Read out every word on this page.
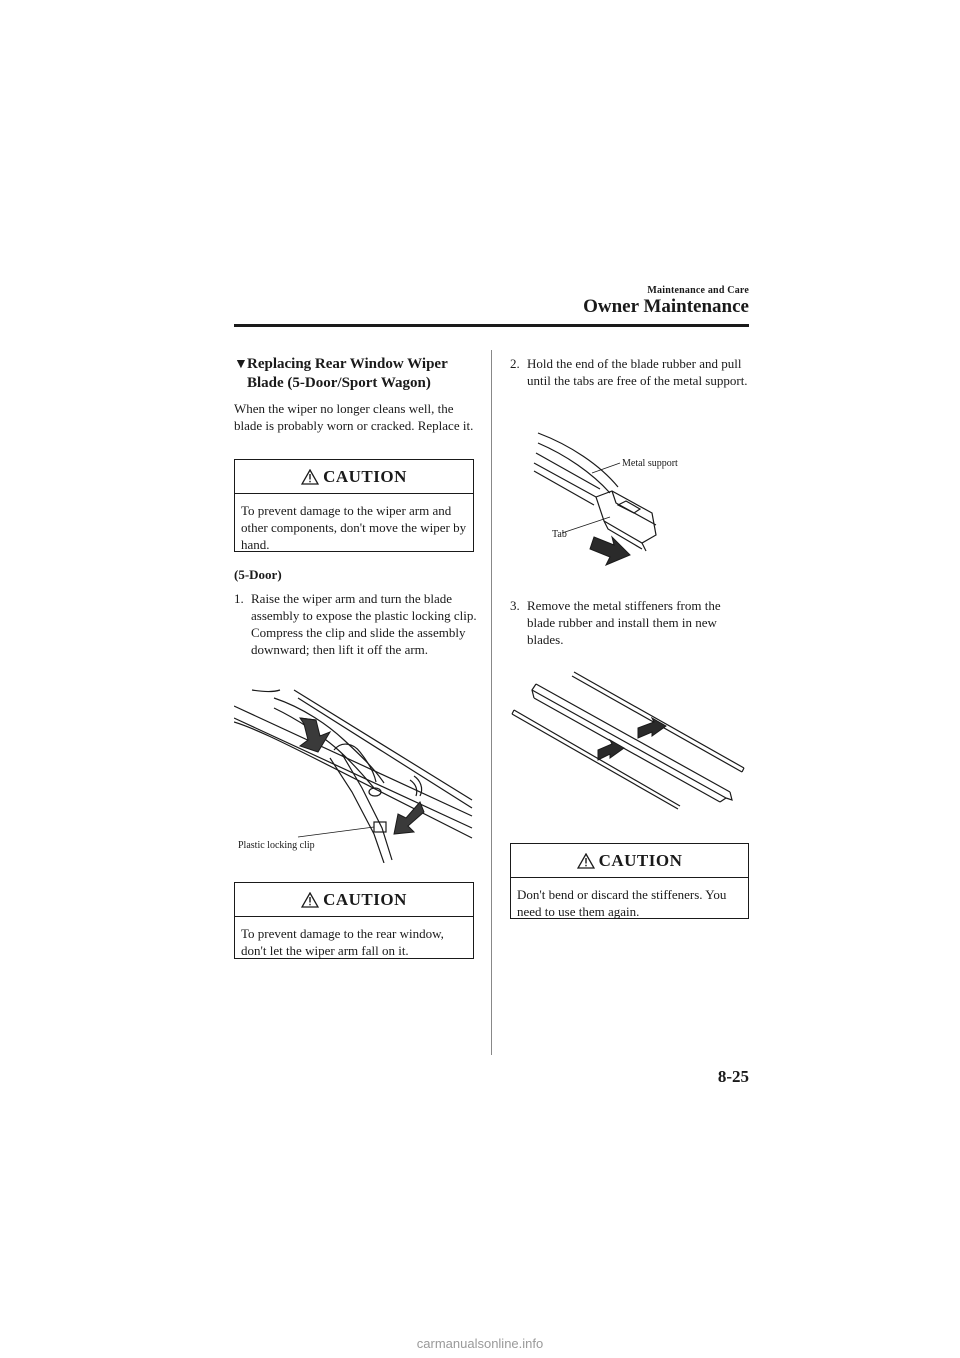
Maintenance and Care
Owner Maintenance
▼ Replacing Rear Window Wiper Blade (5-Door/Sport Wagon)
When the wiper no longer cleans well, the blade is probably worn or cracked. Replace it.
CAUTION
To prevent damage to the wiper arm and other components, don't move the wiper by hand.
(5-Door)
1. Raise the wiper arm and turn the blade assembly to expose the plastic locking clip.
Compress the clip and slide the assembly downward; then lift it off the arm.
Plastic locking clip
CAUTION
To prevent damage to the rear window, don't let the wiper arm fall on it.
2. Hold the end of the blade rubber and pull until the tabs are free of the metal support.
Metal support
Tab
3. Remove the metal stiffeners from the blade rubber and install them in new blades.
CAUTION
Don't bend or discard the stiffeners. You need to use them again.
8-25
carmanualsonline.info
